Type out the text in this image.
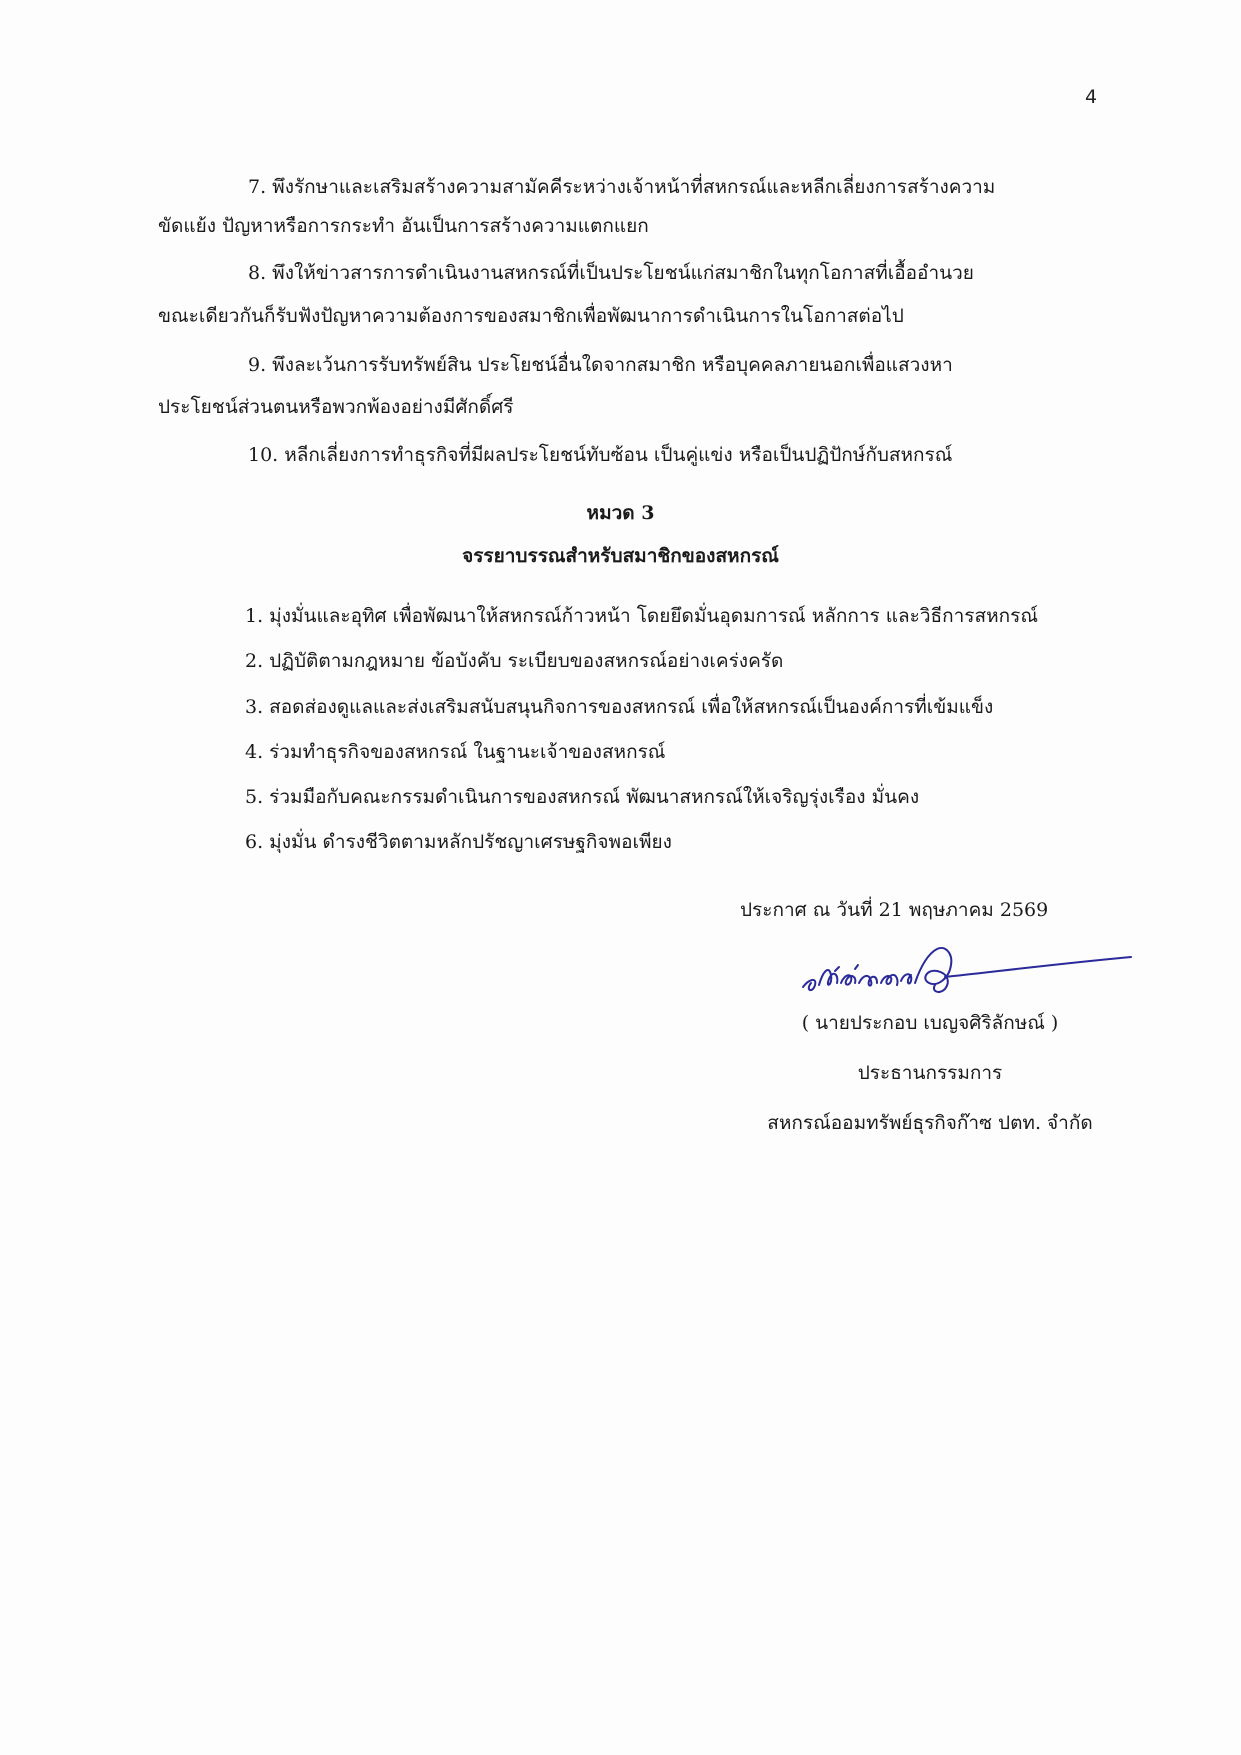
4
7. พึงรักษาและเสริมสร้างความสามัคคีระหว่างเจ้าหน้าที่สหกรณ์และหลีกเลี่ยงการสร้างความ
ขัดแย้ง ปัญหาหรือการกระทำ อันเป็นการสร้างความแตกแยก
8. พึงให้ข่าวสารการดำเนินงานสหกรณ์ที่เป็นประโยชน์แก่สมาชิกในทุกโอกาสที่เอื้ออำนวย
ขณะเดียวกันก็รับฟังปัญหาความต้องการของสมาชิกเพื่อพัฒนาการดำเนินการในโอกาสต่อไป
9. พึงละเว้นการรับทรัพย์สิน ประโยชน์อื่นใดจากสมาชิก หรือบุคคลภายนอกเพื่อแสวงหา
ประโยชน์ส่วนตนหรือพวกพ้องอย่างมีศักดิ์ศรี
10. หลีกเลี่ยงการทำธุรกิจที่มีผลประโยชน์ทับซ้อน เป็นคู่แข่ง หรือเป็นปฏิปักษ์กับสหกรณ์
หมวด 3
จรรยาบรรณสำหรับสมาชิกของสหกรณ์
1. มุ่งมั่นและอุทิศ เพื่อพัฒนาให้สหกรณ์ก้าวหน้า โดยยึดมั่นอุดมการณ์ หลักการ และวิธีการสหกรณ์
2. ปฏิบัติตามกฎหมาย ข้อบังคับ ระเบียบของสหกรณ์อย่างเคร่งครัด
3. สอดส่องดูแลและส่งเสริมสนับสนุนกิจการของสหกรณ์ เพื่อให้สหกรณ์เป็นองค์การที่เข้มแข็ง
4. ร่วมทำธุรกิจของสหกรณ์ ในฐานะเจ้าของสหกรณ์
5. ร่วมมือกับคณะกรรมดำเนินการของสหกรณ์ พัฒนาสหกรณ์ให้เจริญรุ่งเรือง มั่นคง
6. มุ่งมั่น ดำรงชีวิตตามหลักปรัชญาเศรษฐกิจพอเพียง
ประกาศ ณ วันที่ 21 พฤษภาคม 2569
( นายประกอบ เบญจศิริลักษณ์ )
ประธานกรรมการ
สหกรณ์ออมทรัพย์ธุรกิจก๊าซ ปตท. จำกัด
